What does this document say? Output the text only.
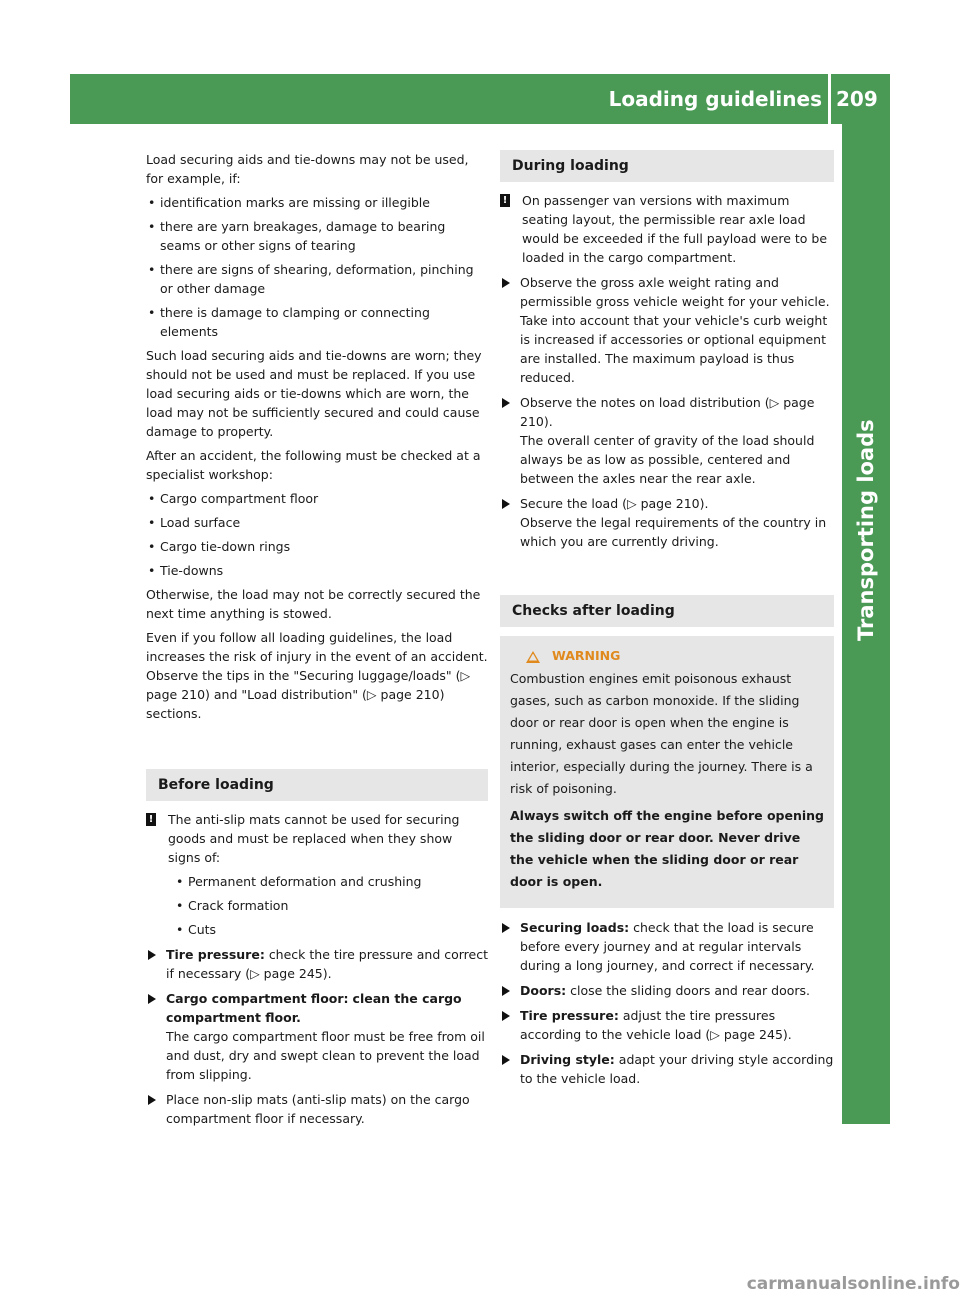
Loading guidelines 209
Transporting loads

Load securing aids and tie-downs may not be used, for example, if:

• identification marks are missing or illegible
• there are yarn breakages, damage to bearing seams or other signs of tearing
• there are signs of shearing, deformation, pinching or other damage
• there is damage to clamping or connecting elements

Such load securing aids and tie-downs are worn; they should not be used and must be replaced. If you use load securing aids or tie-downs which are worn, the load may not be sufficiently secured and could cause damage to property.

After an accident, the following must be checked at a specialist workshop:

• Cargo compartment floor
• Load surface
• Cargo tie-down rings
• Tie-downs

Otherwise, the load may not be correctly secured the next time anything is stowed.

Even if you follow all loading guidelines, the load increases the risk of injury in the event of an accident. Observe the tips in the "Securing luggage/loads" (▷ page 210) and "Load distribution" (▷ page 210) sections.

Before loading
! The anti-slip mats cannot be used for securing goods and must be replaced when they show signs of:

• Permanent deformation and crushing
• Crack formation
• Cuts

Tire pressure: check the tire pressure and correct if necessary (▷ page 245).

Cargo compartment floor: clean the cargo compartment floor.

The cargo compartment floor must be free from oil and dust, dry and swept clean to prevent the load from slipping.

Place non-slip mats (anti-slip mats) on the cargo compartment floor if necessary.

During loading
! On passenger van versions with maximum seating layout, the permissible rear axle load would be exceeded if the full payload were to be loaded in the cargo compartment.

Observe the gross axle weight rating and permissible gross vehicle weight for your vehicle. Take into account that your vehicle's curb weight is increased if accessories or optional equipment are installed. The maximum payload is thus reduced.

Observe the notes on load distribution (▷ page 210).

The overall center of gravity of the load should always be as low as possible, centered and between the axles near the rear axle.

Secure the load (▷ page 210).

Observe the legal requirements of the country in which you are currently driving.

Checks after loading
WARNING

Combustion engines emit poisonous exhaust gases, such as carbon monoxide. If the sliding door or rear door is open when the engine is running, exhaust gases can enter the vehicle interior, especially during the journey. There is a risk of poisoning.

Always switch off the engine before opening the sliding door or rear door. Never drive the vehicle when the sliding door or rear door is open.

Securing loads: check that the load is secure before every journey and at regular intervals during a long journey, and correct if necessary.

Doors: close the sliding doors and rear doors.

Tire pressure: adjust the tire pressures according to the vehicle load (▷ page 245).

Driving style: adapt your driving style according to the vehicle load.

carmanualsonline.info
